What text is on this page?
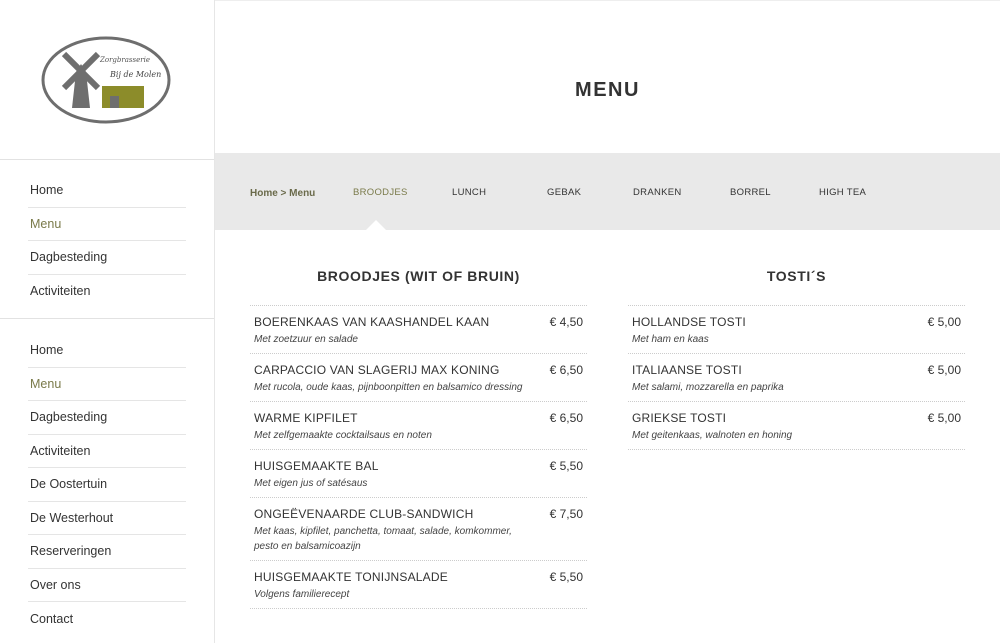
Zorgbrasserie
Bij de Molen
Home
Menu
Dagbesteding
Activiteiten
Home
Menu
Dagbesteding
Activiteiten
De Oostertuin
De Westerhout
Reserveringen
Over ons
Contact
MENU
Home > Menu	BROODJES	LUNCH	GEBAK	DRANKEN	BORREL	HIGH TEA
BROODJES (WIT OF BRUIN)
BOERENKAAS VAN KAASHANDEL KAAN
Met zoetzuur en salade
€ 4,50
CARPACCIO VAN SLAGERIJ MAX KONING
Met rucola, oude kaas, pijnboonpitten en balsamico dressing
€ 6,50
WARME KIPFILET
Met zelfgemaakte cocktailsaus en noten
€ 6,50
HUISGEMAAKTE BAL
Met eigen jus of satésaus
€ 5,50
ONGEËVENAARDE CLUB-SANDWICH
Met kaas, kipfilet, panchetta, tomaat, salade, komkommer, pesto en balsamicoazijn
€ 7,50
HUISGEMAAKTE TONIJNSALADE
Volgens familierecept
€ 5,50
TOSTI´S
HOLLANDSE TOSTI
Met ham en kaas
€ 5,00
ITALIAANSE TOSTI
Met salami, mozzarella en paprika
€ 5,00
GRIEKSE TOSTI
Met geitenkaas, walnoten en honing
€ 5,00
